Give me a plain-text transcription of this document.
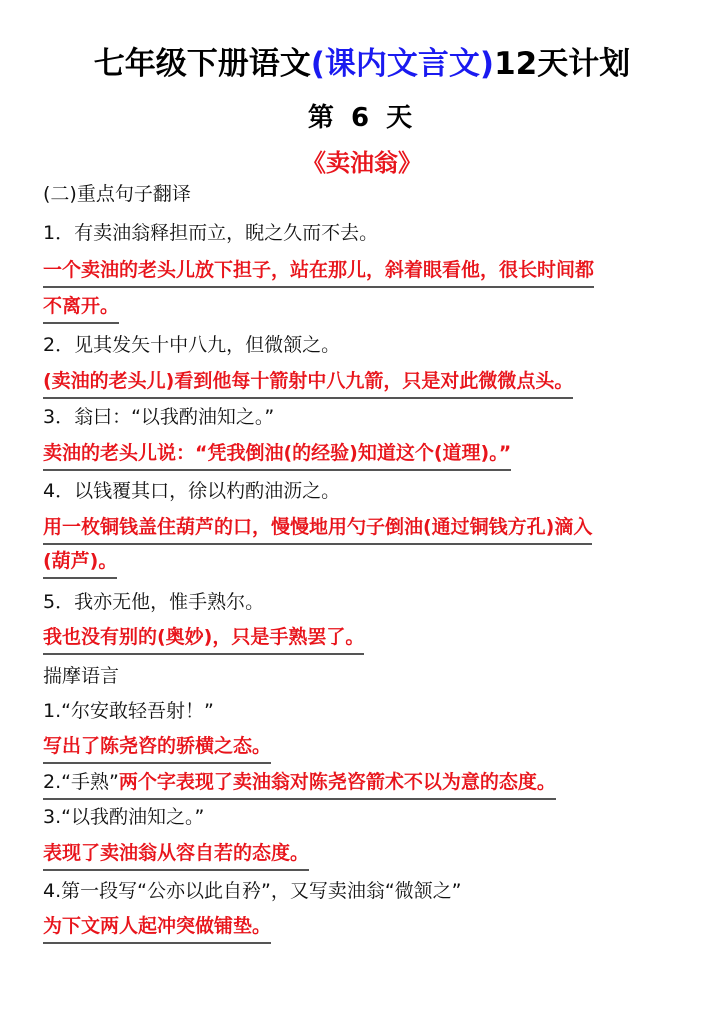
七年级下册语文(课内文言文)12天计划
第 6 天
《卖油翁》
(二)重点句子翻译
1．有卖油翁释担而立，睨之久而不去。
一个卖油的老头儿放下担子，站在那儿，斜着眼看他，很长时间都
不离开。
2．见其发矢十中八九，但微颔之。
(卖油的老头儿)看到他每十箭射中八九箭，只是对此微微点头。
3．翁曰：“以我酌油知之。”
卖油的老头儿说：“凭我倒油(的经验)知道这个(道理)。”
4．以钱覆其口，徐以杓酌油沥之。
用一枚铜钱盖住葫芦的口，慢慢地用勺子倒油(通过铜钱方孔)滴入
(葫芦)。
5．我亦无他，惟手熟尔。
我也没有别的(奥妙)，只是手熟罢了。
揣摩语言
1.“尔安敢轻吾射！”
写出了陈尧咨的骄横之态。
2.“手熟”两个字表现了卖油翁对陈尧咨箭术不以为意的态度。
3.“以我酌油知之。”
表现了卖油翁从容自若的态度。
4.第一段写“公亦以此自矜”，又写卖油翁“微颔之”
为下文两人起冲突做铺垫。
